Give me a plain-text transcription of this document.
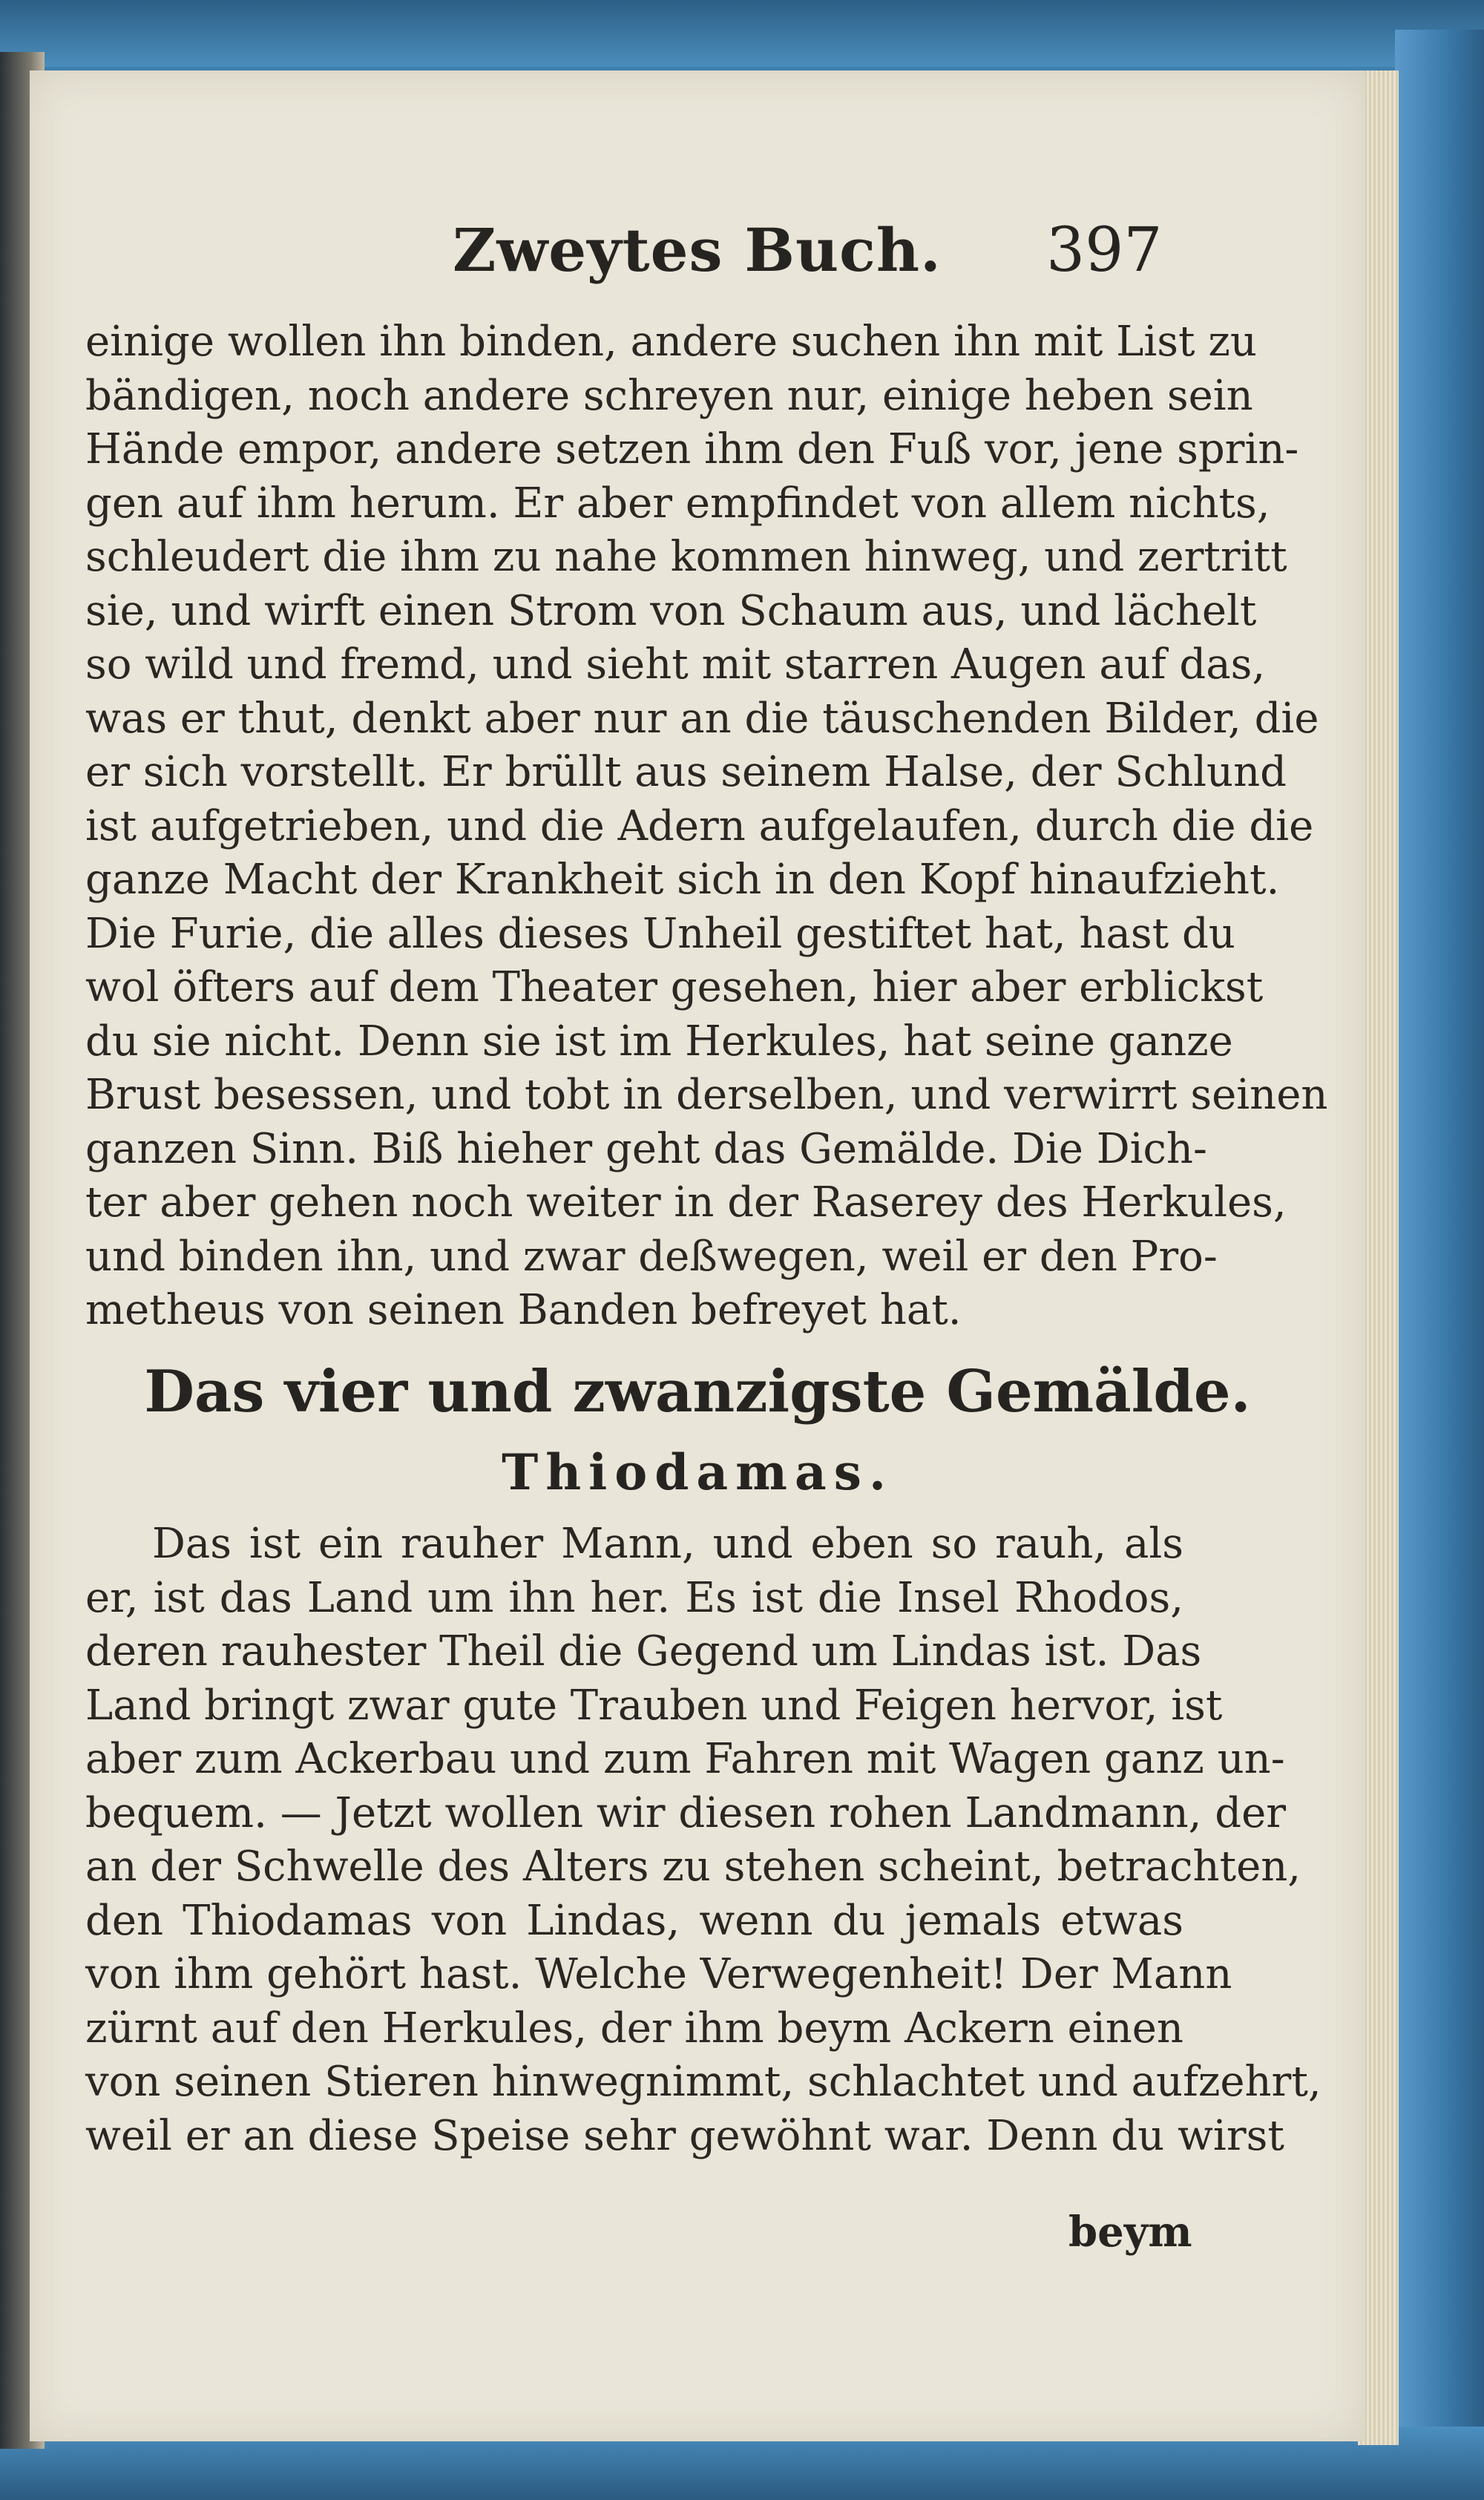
Zweytes Buch. 397
einige wollen ihn binden, andere suchen ihn mit List zu
bändigen, noch andere schreyen nur, einige heben sein
Hände empor, andere setzen ihm den Fuß vor, jene sprin-
gen auf ihm herum. Er aber empfindet von allem nichts,
schleudert die ihm zu nahe kommen hinweg, und zertritt
sie, und wirft einen Strom von Schaum aus, und lächelt
so wild und fremd, und sieht mit starren Augen auf das,
was er thut, denkt aber nur an die täuschenden Bilder, die
er sich vorstellt. Er brüllt aus seinem Halse, der Schlund
ist aufgetrieben, und die Adern aufgelaufen, durch die die
ganze Macht der Krankheit sich in den Kopf hinaufzieht.
Die Furie, die alles dieses Unheil gestiftet hat, hast du
wol öfters auf dem Theater gesehen, hier aber erblickst
du sie nicht. Denn sie ist im Herkules, hat seine ganze
Brust besessen, und tobt in derselben, und verwirrt seinen
ganzen Sinn. Biß hieher geht das Gemälde. Die Dich-
ter aber gehen noch weiter in der Raserey des Herkules,
und binden ihn, und zwar deßwegen, weil er den Pro-
metheus von seinen Banden befreyet hat.
Das vier und zwanzigste Gemälde.
Thiodamas.
Das ist ein rauher Mann, und eben so rauh, als
er, ist das Land um ihn her. Es ist die Insel Rhodos,
deren rauhester Theil die Gegend um Lindas ist. Das
Land bringt zwar gute Trauben und Feigen hervor, ist
aber zum Ackerbau und zum Fahren mit Wagen ganz un-
bequem. — Jetzt wollen wir diesen rohen Landmann, der
an der Schwelle des Alters zu stehen scheint, betrachten,
den Thiodamas von Lindas, wenn du jemals etwas
von ihm gehört hast. Welche Verwegenheit! Der Mann
zürnt auf den Herkules, der ihm beym Ackern einen
von seinen Stieren hinwegnimmt, schlachtet und aufzehrt,
weil er an diese Speise sehr gewöhnt war. Denn du wirst
beym
